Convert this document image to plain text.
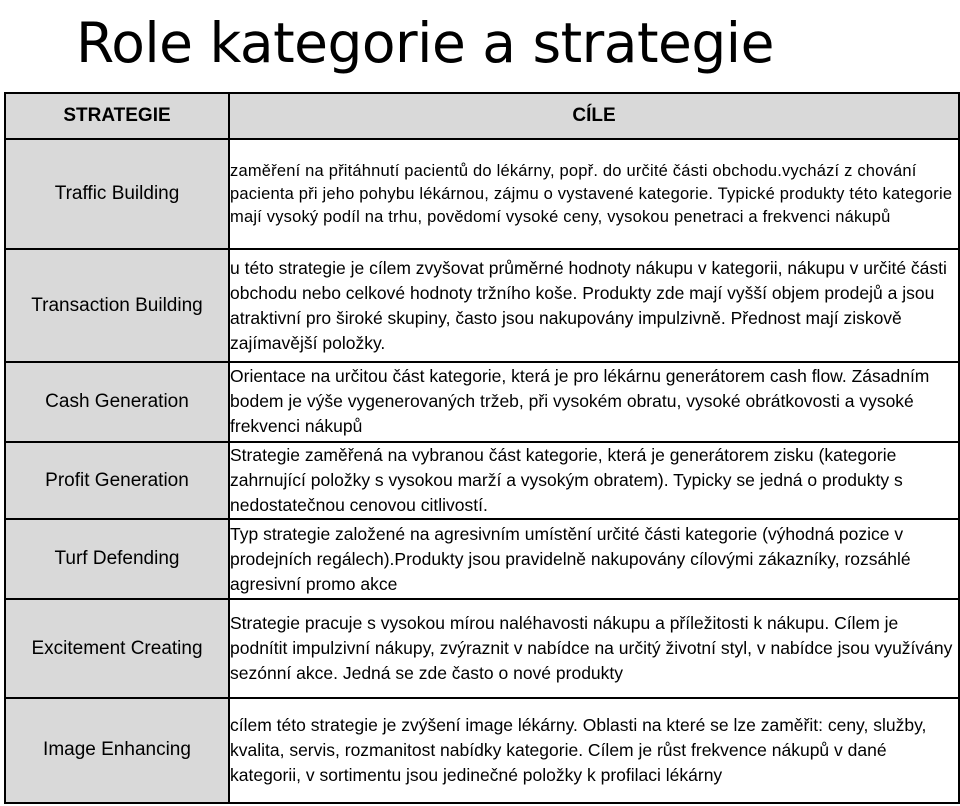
Role kategorie a strategie
STRATEGIE	CÍLE
Traffic Building	zaměření na přitáhnutí pacientů do lékárny, popř. do určité části obchodu.vychází z chování pacienta při jeho pohybu lékárnou, zájmu o vystavené kategorie. Typické produkty této kategorie mají vysoký podíl na trhu, povědomí vysoké ceny, vysokou penetraci a frekvenci nákupů

Transaction Building	u této strategie je cílem zvyšovat průměrné hodnoty nákupu v kategorii, nákupu v určité části obchodu nebo celkové hodnoty tržního koše. Produkty zde mají vyšší objem prodejů a jsou atraktivní pro široké skupiny, často jsou nakupovány impulzivně. Přednost mají ziskově zajímavější položky.

Cash Generation	Orientace na určitou část kategorie, která je pro lékárnu generátorem cash flow. Zásadním bodem je výše vygenerovaných tržeb, při vysokém obratu, vysoké obrátkovosti a vysoké frekvenci nákupů

Profit Generation	Strategie zaměřená na vybranou část kategorie, která je generátorem zisku (kategorie zahrnující položky s vysokou marží a vysokým obratem). Typicky se jedná o produkty s nedostatečnou cenovou citlivostí.

Turf Defending	Typ strategie založené na agresivním umístění určité části kategorie (výhodná pozice v prodejních regálech).Produkty jsou pravidelně nakupovány cílovými zákazníky, rozsáhlé agresivní promo akce

Excitement Creating	Strategie pracuje s vysokou mírou naléhavosti nákupu a příležitosti k nákupu. Cílem je podnítit impulzivní nákupy, zvýraznit v nabídce na určitý životní styl, v nabídce jsou využívány sezónní akce. Jedná se zde často o nové produkty

Image Enhancing	cílem této strategie je zvýšení image lékárny. Oblasti na které se lze zaměřit: ceny, služby, kvalita, servis, rozmanitost nabídky kategorie. Cílem je růst frekvence nákupů v dané kategorii, v sortimentu jsou jedinečné položky k profilaci lékárny
